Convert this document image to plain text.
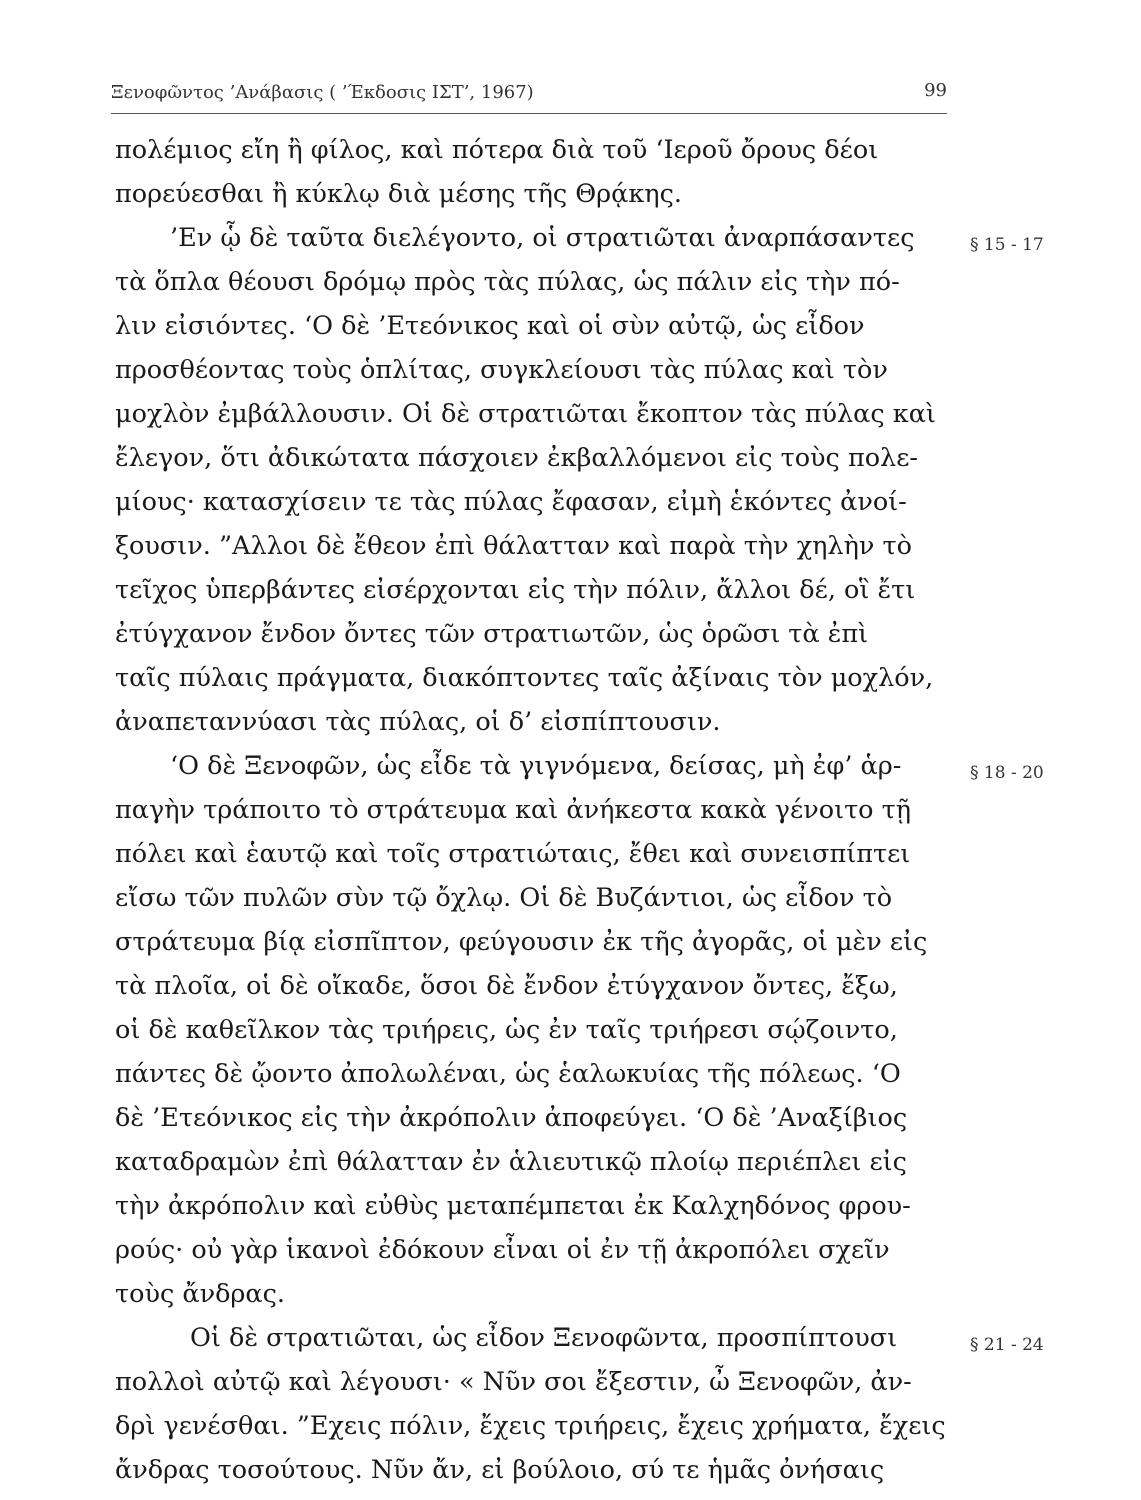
Ξενοφῶντος ’Ανάβασις ( ’Έκδοσις ΙΣΤ’, 1967)	99
πολέμιος εἴη ἢ φίλος, καὶ πότερα διὰ τοῦ ‘Ιεροῦ ὄρους δέοι
πορεύεσθαι ἢ κύκλῳ διὰ μέσης τῆς Θρᾴκης.
’Εν ᾧ δὲ ταῦτα διελέγοντο, οἱ στρατιῶται ἀναρπάσαντες
τὰ ὅπλα θέουσι δρόμῳ πρὸς τὰς πύλας, ὡς πάλιν εἰς τὴν πό-
λιν εἰσιόντες. ‘Ο δὲ ’Ετεόνικος καὶ οἱ σὺν αὐτῷ, ὡς εἶδον
προσθέοντας τοὺς ὁπλίτας, συγκλείουσι τὰς πύλας καὶ τὸν
μοχλὸν ἐμβάλλουσιν. Οἱ δὲ στρατιῶται ἔκοπτον τὰς πύλας καὶ
ἔλεγον, ὅτι ἀδικώτατα πάσχοιεν ἐκβαλλόμενοι εἰς τοὺς πολε-
μίους· κατασχίσειν τε τὰς πύλας ἔφασαν, εἰμὴ ἑκόντες ἀνοί-
ξουσιν. ”Αλλοι δὲ ἔθεον ἐπὶ θάλατταν καὶ παρὰ τὴν χηλὴν τὸ
τεῖχος ὑπερβάντες εἰσέρχονται εἰς τὴν πόλιν, ἄλλοι δέ, οἳ ἔτι
ἐτύγχανον ἔνδον ὄντες τῶν στρατιωτῶν, ὡς ὁρῶσι τὰ ἐπὶ
ταῖς πύλαις πράγματα, διακόπτοντες ταῖς ἀξίναις τὸν μοχλόν,
ἀναπεταννύασι τὰς πύλας, οἱ δ’ εἰσπίπτουσιν.
‘Ο δὲ Ξενοφῶν, ὡς εἶδε τὰ γιγνόμενα, δείσας, μὴ ἐφ’ ἁρ-
παγὴν τράποιτο τὸ στράτευμα καὶ ἀνήκεστα κακὰ γένοιτο τῇ
πόλει καὶ ἑαυτῷ καὶ τοῖς στρατιώταις, ἔθει καὶ συνεισπίπτει
εἴσω τῶν πυλῶν σὺν τῷ ὄχλῳ. Οἱ δὲ Βυζάντιοι, ὡς εἶδον τὸ
στράτευμα βίᾳ εἰσπῖπτον, φεύγουσιν ἐκ τῆς ἀγορᾶς, οἱ μὲν εἰς
τὰ πλοῖα, οἱ δὲ οἴκαδε, ὅσοι δὲ ἔνδον ἐτύγχανον ὄντες, ἔξω,
οἱ δὲ καθεῖλκον τὰς τριήρεις, ὡς ἐν ταῖς τριήρεσι σῴζοιντο,
πάντες δὲ ᾤοντο ἀπολωλέναι, ὡς ἑαλωκυίας τῆς πόλεως. ‘Ο
δὲ ’Ετεόνικος εἰς τὴν ἀκρόπολιν ἀποφεύγει. ‘Ο δὲ ’Αναξίβιος
καταδραμὼν ἐπὶ θάλατταν ἐν ἁλιευτικῷ πλοίῳ περιέπλει εἰς
τὴν ἀκρόπολιν καὶ εὐθὺς μεταπέμπεται ἐκ Καλχηδόνος φρου-
ρούς· οὐ γὰρ ἱκανοὶ ἐδόκουν εἶναι οἱ ἐν τῇ ἀκροπόλει σχεῖν
τοὺς ἄνδρας.
Οἱ δὲ στρατιῶται, ὡς εἶδον Ξενοφῶντα, προσπίπτουσι
πολλοὶ αὐτῷ καὶ λέγουσι· « Νῦν σοι ἔξεστιν, ὦ Ξενοφῶν, ἀν-
δρὶ γενέσθαι. ”Εχεις πόλιν, ἔχεις τριήρεις, ἔχεις χρήματα, ἔχεις
ἄνδρας τοσούτους. Νῦν ἄν, εἰ βούλοιο, σύ τε ἡμᾶς ὀνήσαις
§ 15 - 17
§ 18 - 20
§ 21 - 24
